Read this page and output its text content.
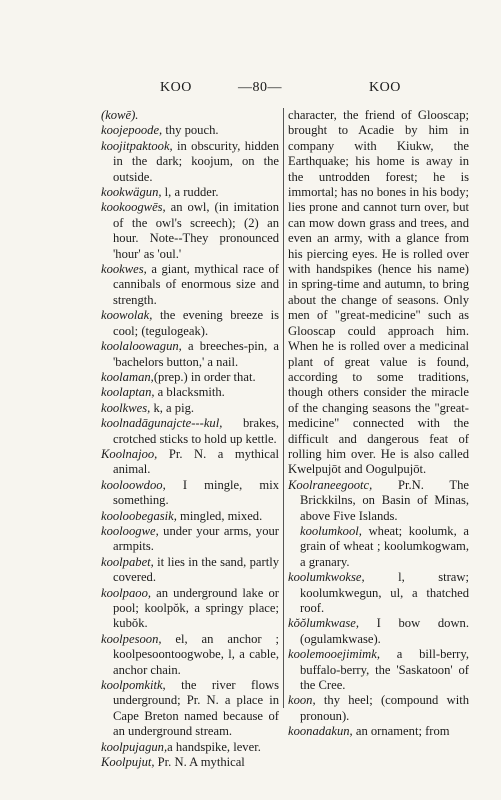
KOO	—80—	KOO

(kowē).

koojepoode, thy pouch.

koojitpaktook, in obscurity, hidden in the dark; koojum, on the outside.

kookwägun, l, a rudder.

kookoogwēs, an owl, (in imitation of the owl's screech); (2) an hour. Note--They pronounced 'hour' as 'oul.'

kookwes, a giant, mythical race of cannibals of enormous size and strength.

koowolak, the evening breeze is cool; (tegulogeak).

koolaloowagun, a breeches-pin, a 'bachelors button,' a nail.

koolaman,(prep.) in order that.

koolaptan, a blacksmith.

koolkwes, k, a pig.

koolnadāgunajcte---kul, brakes, crotched sticks to hold up kettle.

Koolnajoo, Pr. N. a mythical animal.

kooloowdoo, I mingle, mix something.

kooloobegasik, mingled, mixed.

kooloogwe, under your arms, your armpits.

koolpabet, it lies in the sand, partly covered.

koolpaoo, an underground lake or pool; koolpŏk, a springy place; kubŏk.

koolpesoon, el, an anchor ; koolpesoontoogwobe, l, a cable, anchor chain.

koolpomkitk, the river flows underground; Pr. N. a place in Cape Breton named because of an underground stream.

koolpujagun,a handspike, lever.

Koolpujut, Pr. N. A mythical

character, the friend of Glooscap; brought to Acadie by him in company with Kiukw, the Earthquake; his home is away in the untrodden forest; he is immortal; has no bones in his body; lies prone and cannot turn over, but can mow down grass and trees, and even an army, with a glance from his piercing eyes. He is rolled over with handspikes (hence his name) in spring-time and autumn, to bring about the change of seasons. Only men of "great-medicine" such as Glooscap could approach him. When he is rolled over a medicinal plant of great value is found, according to some traditions, though others consider the miracle of the changing seasons the "great-medicine" connected with the difficult and dangerous feat of rolling him over. He is also called Kwelpujōt and Oogulpujōt.

Koolraneegootc, Pr.N. The Brickkilns, on Basin of Minas, above Five Islands.

koolumkool, wheat; koolumk, a grain of wheat ; koolumkogwam, a granary.

koolumkwokse, l, straw; koolumkwegun, ul, a thatched roof.

kŏŏlumkwase, I bow down. (ogulamkwase).

koolemooejimimk, a bill-berry, buffalo-berry, the 'Saskatoon' of the Cree.

koon, thy heel; (compound with pronoun).

koonadakun, an ornament; from
